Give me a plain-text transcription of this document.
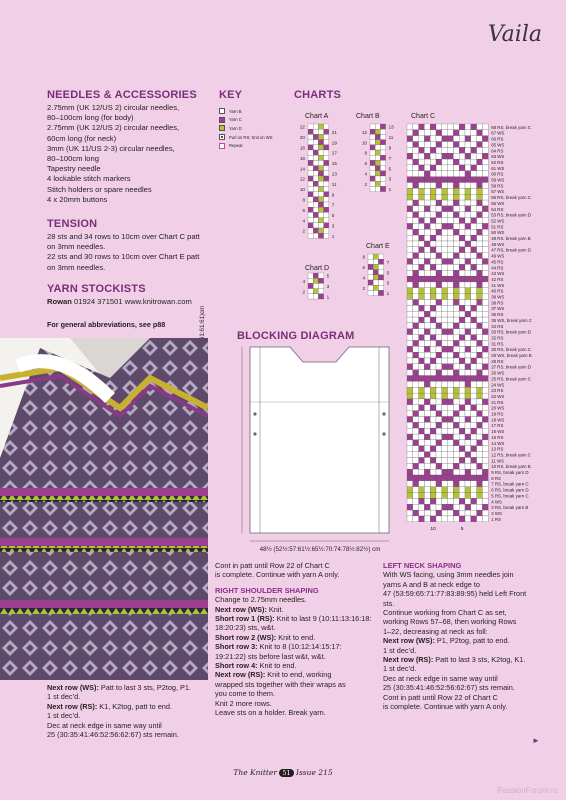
Vaila
NEEDLES & ACCESSORIES
2.75mm (UK 12/US 2) circular needles,
80–100cm long (for body)
2.75mm (UK 12/US 2) circular needles,
60cm long (for neck)
3mm (UK 11/US 2-3) circular needles,
80–100cm long
Tapestry needle
4 lockable stitch markers
Stitch holders or spare needles
4 x 20mm buttons
TENSION
28 sts and 34 rows to 10cm over Chart C patt
on 3mm needles.
22 sts and 30 rows to 10cm over Chart E patt
on 3mm needles.
YARN STOCKISTS
Rowan 01924 371501 www.knitrowan.com
For general abbreviations, see p88
KEY
Yarn B
Yarn C
Yarn D
Purl on RS; Knit on WS
Repeat
CHARTS
Chart A	Chart B
Chart D
Chart E
Chart C
22
20
18
16
14
12
10
8
6
4
2
21
19
17
15
13
11
9
7
5
3
1
12
10
8
6
4
2
13
11
9
7
5
3
1
8
6
4
2
7
5
3
1
4
2
5
3
1
68 RS, break yarn C
67 WS
66 RS
65 WS
64 RS
63 WS
62 RS
61 WS
60 RS
59 WS
58 RS
57 WS
56 RS, break yarn C
55 WS
54 RS
53 RS, break yarn D
52 WS
51 RS
50 WS
49 RS, break yarn B
48 WS
47 RS, break yarn D
46 WS
45 RS
44 RS
43 WS
42 RS
41 WS
40 RS
39 WS
38 RS
37 WS
36 RS
35 WS, break yarn C
34 RS
33 RS, break yarn D
32 RS
31 RS
30 RS, break yarn C
29 WS, break yarn B
28 RS
27 RS, break yarn D
26 WS
25 RS, break yarn C
24 WS
23 RS
22 WS
21 RS
20 WS
19 RS
18 WS
17 RS
16 WS
15 RS
14 WS
13 RS
12 RS, break yarn C
11 WS
10 RS, break yarn B
9 RS, break yarn D
8 RS
7 RS, break yarn C
6 RS, break yarn D
5 RS, break yarn C
4 WS
3 RS, break yarn B
2 WS
1 RS
10	5
BLOCKING DIAGRAM
48½ (52½:57:61½:65½:70:74:78½:82½) cm
Next row (WS): Patt to last 3 sts, P2tog, P1.
1 st dec’d.
Next row (RS): K1, K2tog, patt to end.
1 st dec’d.
Dec at neck edge in same way until
25 (30:35:41:46:52:56:62:67) sts remain.
Cont in patt until Row 22 of Chart C
is complete. Continue with yarn A only.
RIGHT SHOULDER SHAPING
Change to 2.75mm needles.
Next row (WS): Knit.
Short row 1 (RS): Knit to last 9 (10:11:13:16:18:
18:20:23) sts, w&t.
Short row 2 (WS): Knit to end.
Short row 3: Knit to 8 (10:12:14:15:17:
19:21:22) sts before last w&t, w&t.
Short row 4: Knit to end.
Next row (RS): Knit to end, working
wrapped sts together with their wraps as
you come to them.
Knit 2 more rows.
Leave sts on a holder. Break yarn.
LEFT NECK SHAPING
With WS facing, using 3mm needles join
yarns A and B at neck edge to
47 (53:59:65:71:77:83:89:95) held Left Front
sts.
Continue working from Chart C as set,
working Rows 57–68, then working Rows
1–22, decreasing at neck as foll:
Next row (WS): P1, P2tog, patt to end.
1 st dec’d.
Next row (RS): Patt to last 3 sts, K2tog, K1.
1 st dec’d.
Dec at neck edge in same way until
25 (30:35:41:46:52:56:62:67) sts remain.
Cont in patt until Row 22 of Chart C
is complete. Continue with yarn A only.
►
The Knitter 51 Issue 215
PassionForum.ru
